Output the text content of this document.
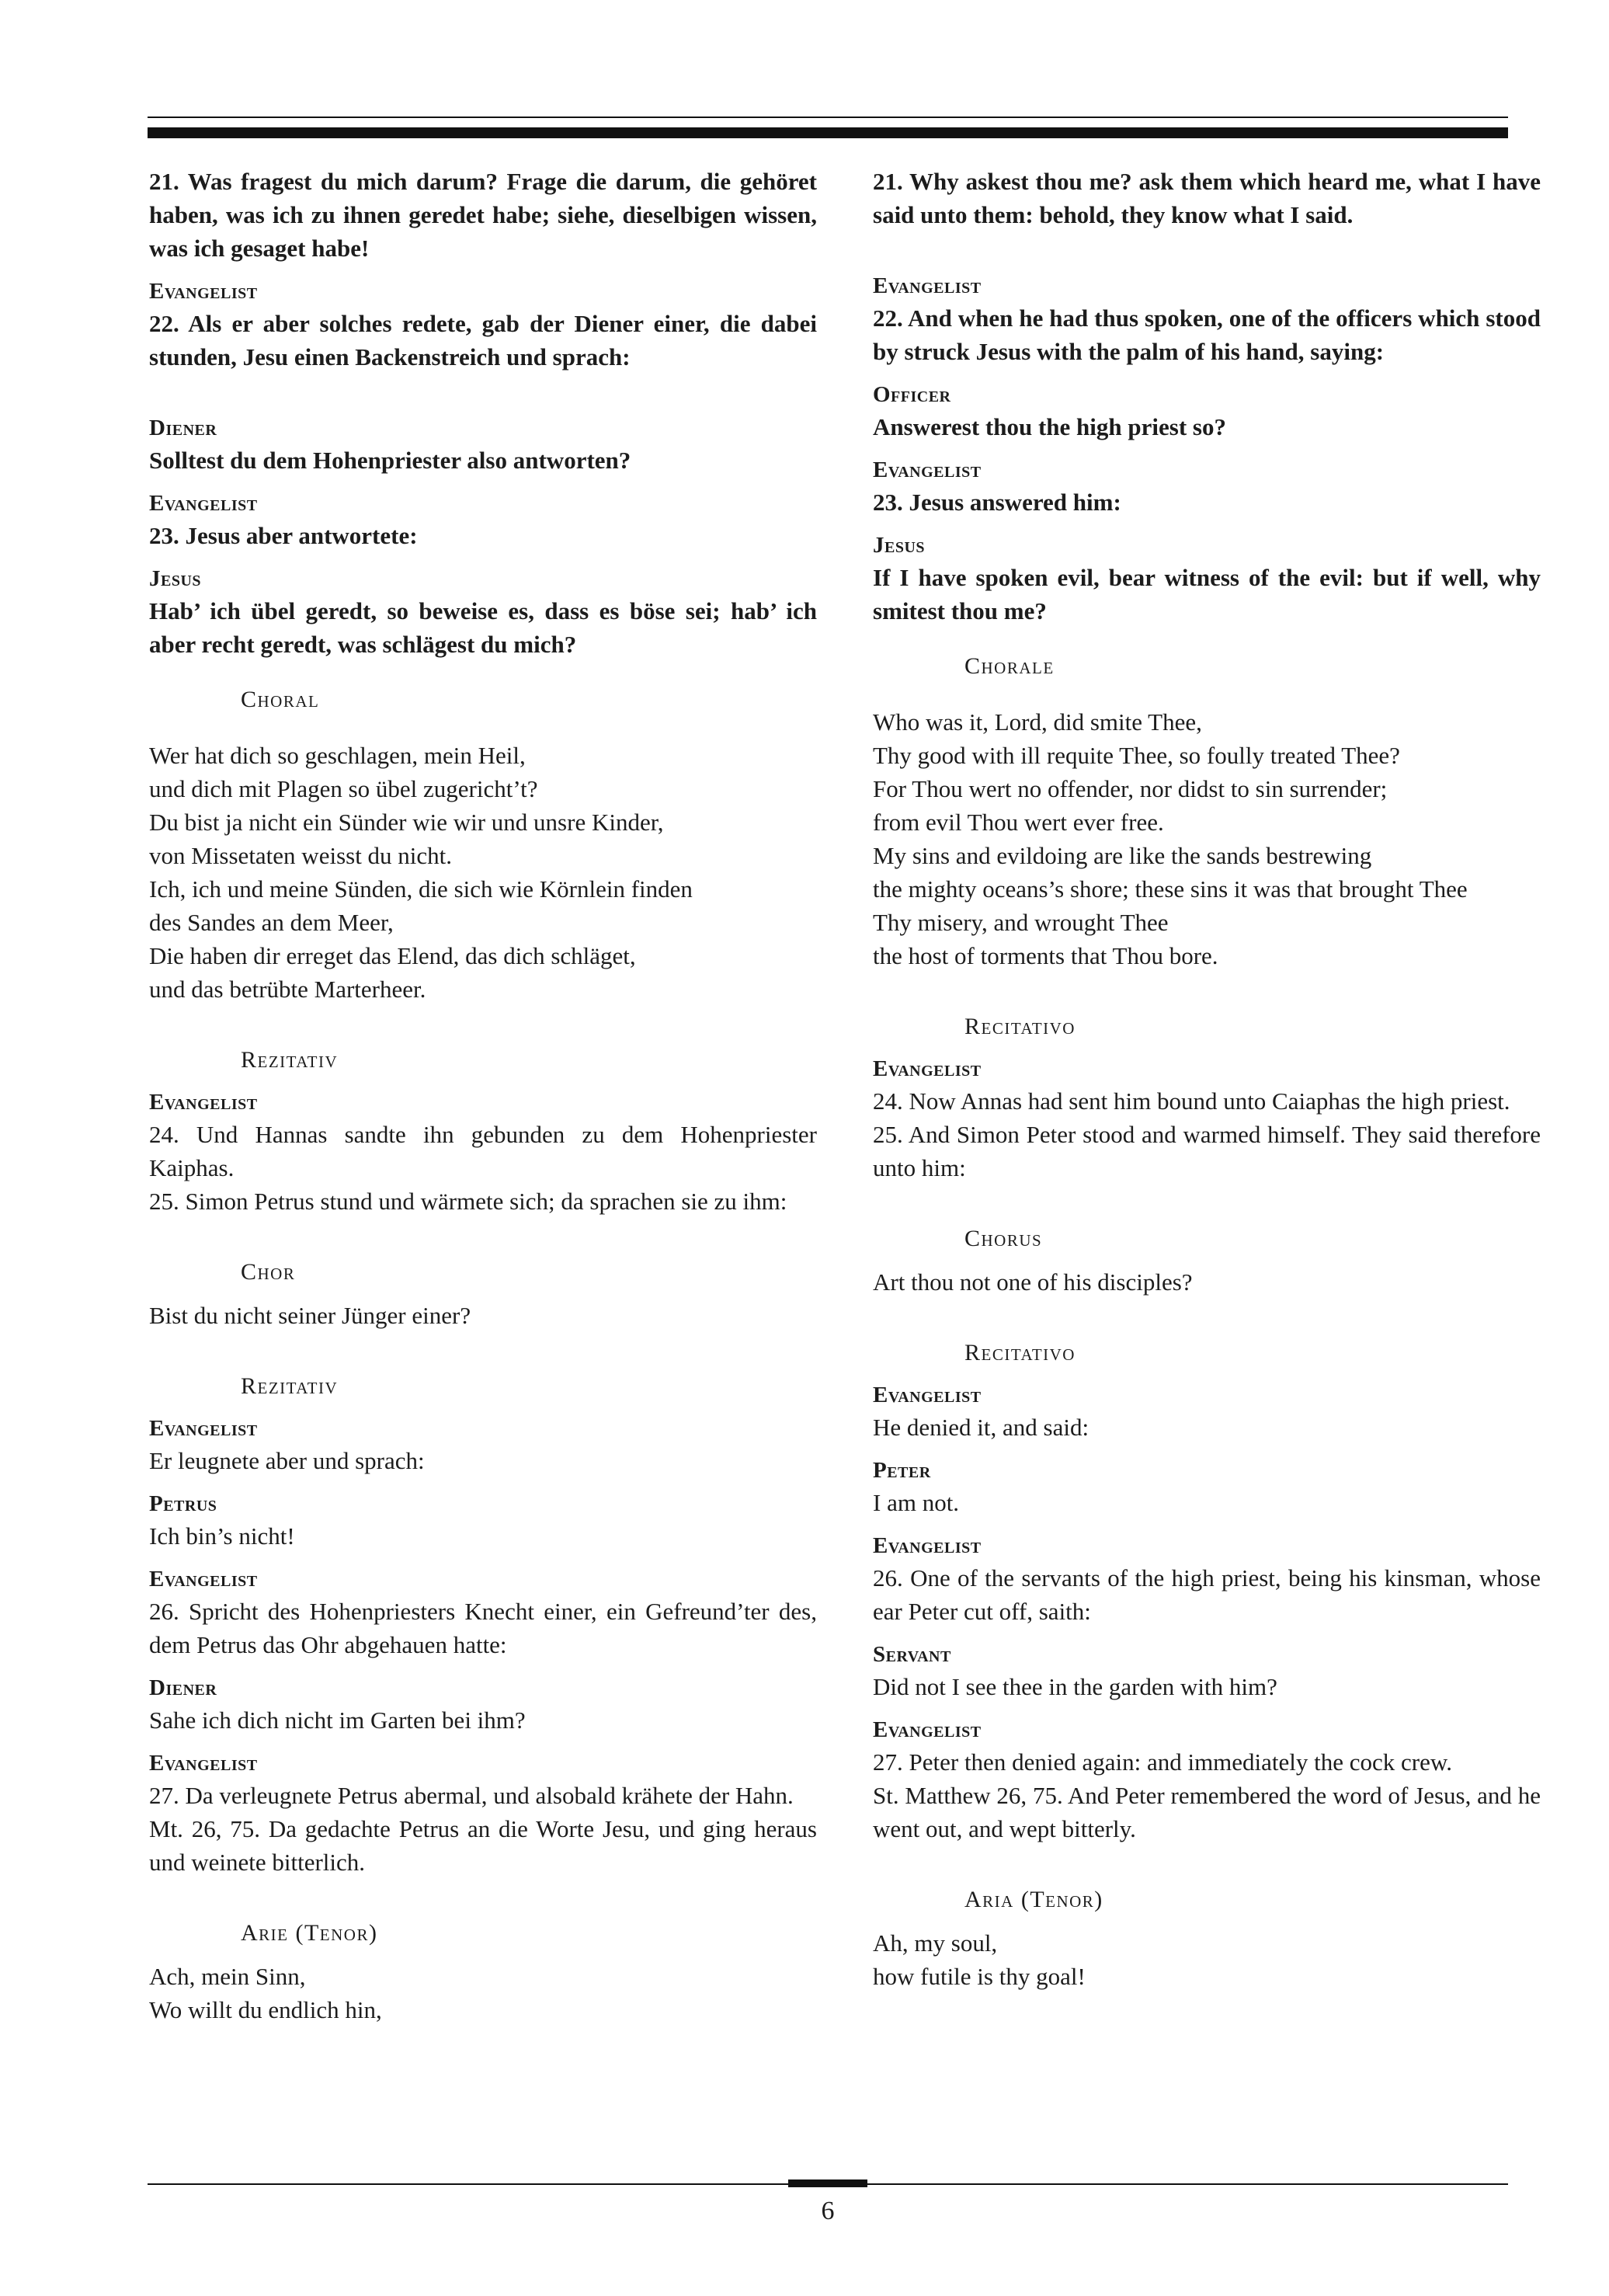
21. Was fragest du mich darum? Frage die darum, die gehöret haben, was ich zu ihnen geredet habe; siehe, dieselbigen wissen, was ich gesaget habe!

Evangelist

22. Als er aber solches redete, gab der Diener einer, die dabei stunden, Jesu einen Backenstreich und sprach:

Diener

Solltest du dem Hohenpriester also antworten?

Evangelist

23. Jesus aber antwortete:

Jesus

Hab’ ich übel geredt, so beweise es, dass es böse sei; hab’ ich aber recht geredt, was schlägest du mich?

Choral

Wer hat dich so geschlagen, mein Heil,

und dich mit Plagen so übel zugericht’t?

Du bist ja nicht ein Sünder wie wir und unsre Kinder,

von Missetaten weisst du nicht.

Ich, ich und meine Sünden, die sich wie Körnlein finden

des Sandes an dem Meer,

Die haben dir erreget das Elend, das dich schläget,

und das betrübte Marterheer.

Rezitativ
Evangelist

24. Und Hannas sandte ihn gebunden zu dem Hohenpriester Kaiphas.

25. Simon Petrus stund und wärmete sich; da sprachen sie zu ihm:

Chor

Bist du nicht seiner Jünger einer?

Rezitativ
Evangelist

Er leugnete aber und sprach:

Petrus

Ich bin’s nicht!

Evangelist

26. Spricht des Hohenpriesters Knecht einer, ein Gefreund’ter des, dem Petrus das Ohr abgehauen hatte:

Diener

Sahe ich dich nicht im Garten bei ihm?

Evangelist

27. Da verleugnete Petrus abermal, und alsobald krähete der Hahn.

Mt. 26, 75. Da gedachte Petrus an die Worte Jesu, und ging heraus und weinete bitterlich.

Arie (Tenor)

Ach, mein Sinn,

Wo willt du endlich hin,

21. Why askest thou me? ask them which heard me, what I have said unto them: behold, they know what I said.

Evangelist

22. And when he had thus spoken, one of the officers which stood by struck Jesus with the palm of his hand, saying:

Officer

Answerest thou the high priest so?

Evangelist

23. Jesus answered him:

Jesus

If I have spoken evil, bear witness of the evil: but if well, why smitest thou me?

Chorale

Who was it, Lord, did smite Thee,

Thy good with ill requite Thee, so foully treated Thee?

For Thou wert no offender, nor didst to sin surrender;

from evil Thou wert ever free.

My sins and evildoing are like the sands bestrewing

the mighty oceans’s shore; these sins it was that brought Thee

Thy misery, and wrought Thee

the host of torments that Thou bore.

Recitativo
Evangelist

24. Now Annas had sent him bound unto Caiaphas the high priest.

25. And Simon Peter stood and warmed himself. They said therefore unto him:

Chorus

Art thou not one of his disciples?

Recitativo
Evangelist

He denied it, and said:

Peter

I am not.

Evangelist

26. One of the servants of the high priest, being his kinsman, whose ear Peter cut off, saith:

Servant

Did not I see thee in the garden with him?

Evangelist

27. Peter then denied again: and immediately the cock crew.

St. Matthew 26, 75. And Peter remembered the word of Jesus, and he went out, and wept bitterly.

Aria (Tenor)

Ah, my soul,

how futile is thy goal!

6
